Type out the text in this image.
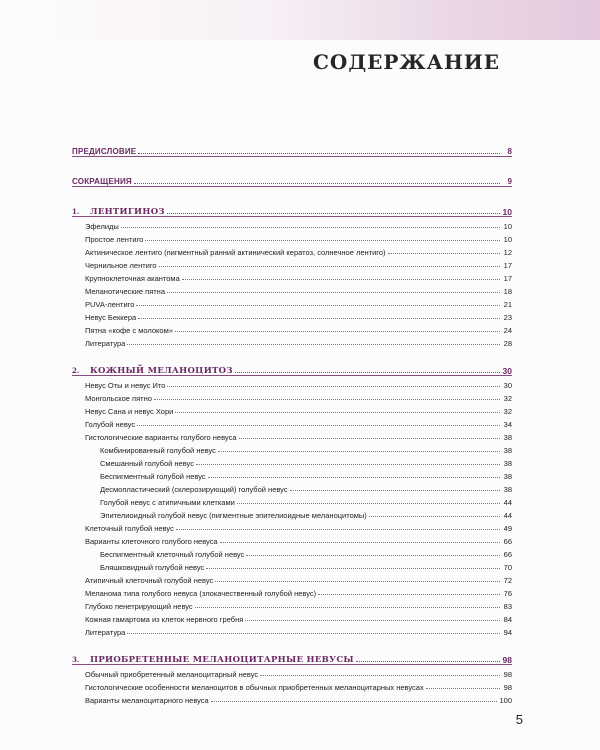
СОДЕРЖАНИЕ
ПРЕДИСЛОВИЕ	8
СОКРАЩЕНИЯ	9
1.	ЛЕНТИГИНОЗ	10
Эфелиды	10
Простое лентиго	10
Актиническое лентиго (пигментный ранний актинический кератоз, солнечное лентиго)	12
Чернильное лентиго	17
Крупноклеточная акантома	17
Меланотические пятна	18
PUVA-лентиго	21
Невус Беккера	23
Пятна «кофе с молоком»	24
Литература	28
2.	КОЖНЫЙ МЕЛАНОЦИТОЗ	30
Невус Оты и невус Ито	30
Монгольское пятно	32
Невус Сана и невус Хори	32
Голубой невус	34
Гистологические варианты голубого невуса	38
Комбинированный голубой невус	38
Смешанный голубой невус	38
Беспигментный голубой невус	38
Десмопластический (склерозирующий) голубой невус	38
Голубой невус с атипичными клетками	44
Эпителиоидный голубой невус (пигментные эпителиоидные меланоцитомы)	44
Клеточный голубой невус	49
Варианты клеточного голубого невуса	66
Беспигментный клеточный голубой невус	66
Бляшковидный голубой невус	70
Атипичный клеточный голубой невус	72
Меланома типа голубого невуса (злокачественный голубой невус)	76
Глубоко пенетрирующий невус	83
Кожная гамартома из клеток нервного гребня	84
Литература	94
3.	ПРИОБРЕТЕННЫЕ МЕЛАНОЦИТАРНЫЕ НЕВУСЫ	98
Обычный приобретенный меланоцитарный невус	98
Гистологические особенности меланоцитов в обычных приобретенных меланоцитарных невусах	98
Варианты меланоцитарного невуса	100
5
